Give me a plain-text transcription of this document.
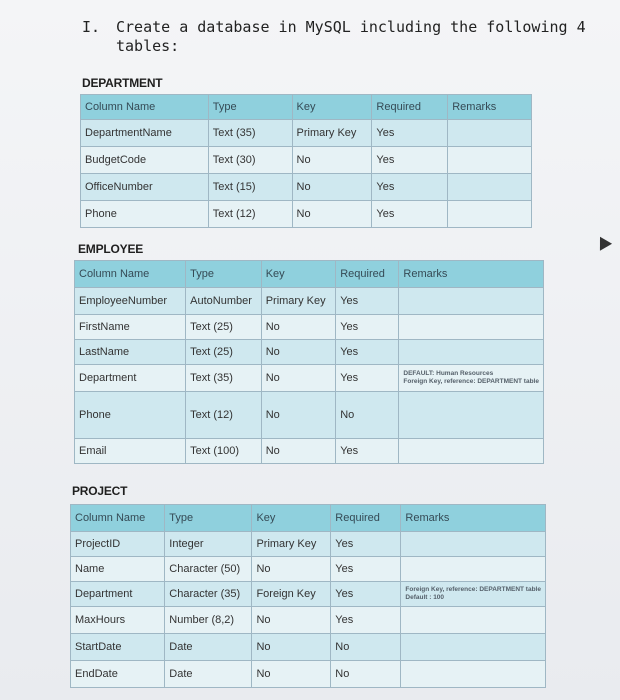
I. Create a database in MySQL including the following 4 tables:
DEPARTMENT
Column Name	Type	Key	Required	Remarks
DepartmentName	Text (35)	Primary Key	Yes	
BudgetCode	Text (30)	No	Yes	
OfficeNumber	Text (15)	No	Yes	
Phone	Text (12)	No	Yes	
EMPLOYEE
Column Name	Type	Key	Required	Remarks
EmployeeNumber	AutoNumber	Primary Key	Yes	
FirstName	Text (25)	No	Yes	
LastName	Text (25)	No	Yes	
Department	Text (35)	No	Yes	DEFAULT: Human Resources
Foreign Key, reference: DEPARTMENT table
Phone	Text (12)	No	No	
Email	Text (100)	No	Yes	
PROJECT
Column Name	Type	Key	Required	Remarks
ProjectID	Integer	Primary Key	Yes	
Name	Character (50)	No	Yes	
Department	Character (35)	Foreign Key	Yes	Foreign Key, reference: DEPARTMENT table
Default : 100
MaxHours	Number (8,2)	No	Yes	
StartDate	Date	No	No	
EndDate	Date	No	No	
